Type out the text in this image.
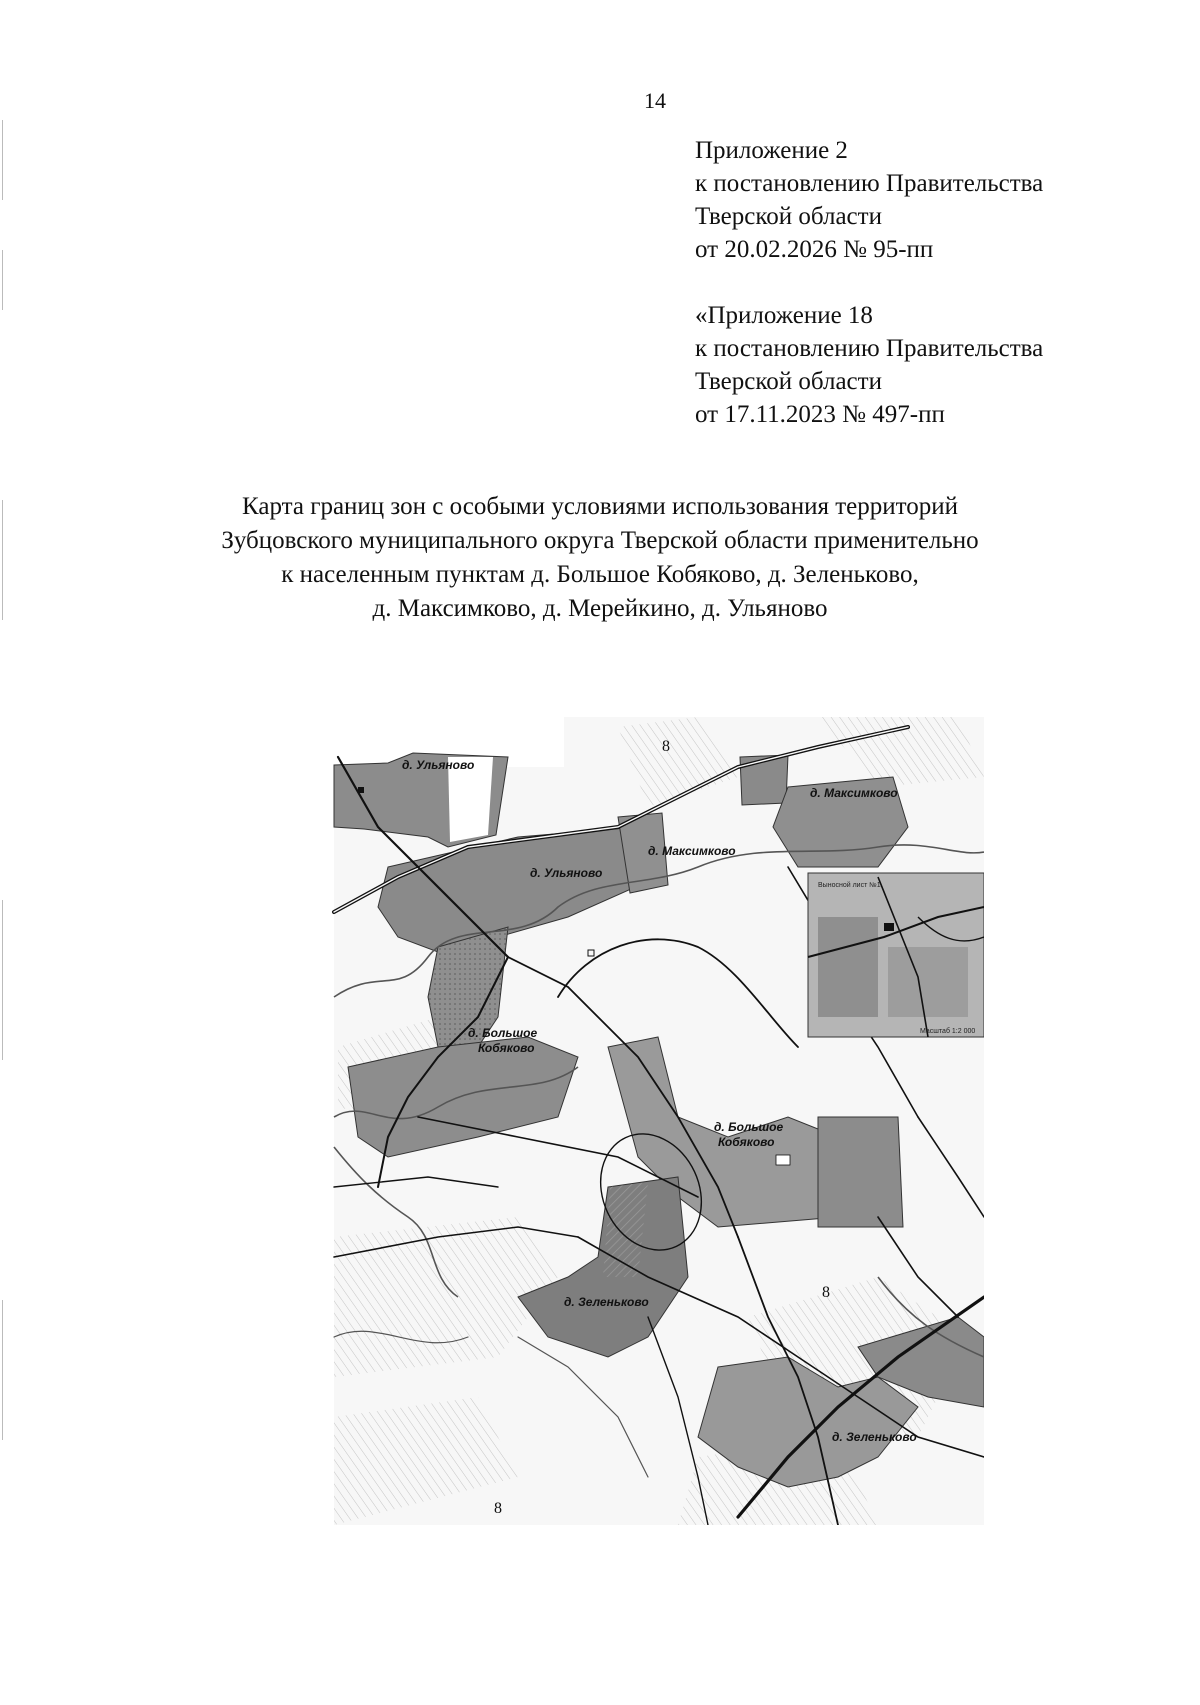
14
Приложение 2
к постановлению Правительства
Тверской области
от 20.02.2026 № 95-пп
«Приложение 18
к постановлению Правительства
Тверской области
от 17.11.2023 № 497-пп
Карта границ зон с особыми условиями использования территорий
Зубцовского муниципального округа Тверской области применительно
к населенным пунктам д. Большое Кобяково, д. Зеленьково,
д. Максимково, д. Мерейкино, д. Ульяново
Выносной лист №1
Масштаб 1:2 000
д. Ульяново
д. Ульяново
д. Максимково
д. Максимково
д. Большое
Кобяково
д. Большое
Кобяково
д. Зеленьково
д. Зеленьково
8
8
8
